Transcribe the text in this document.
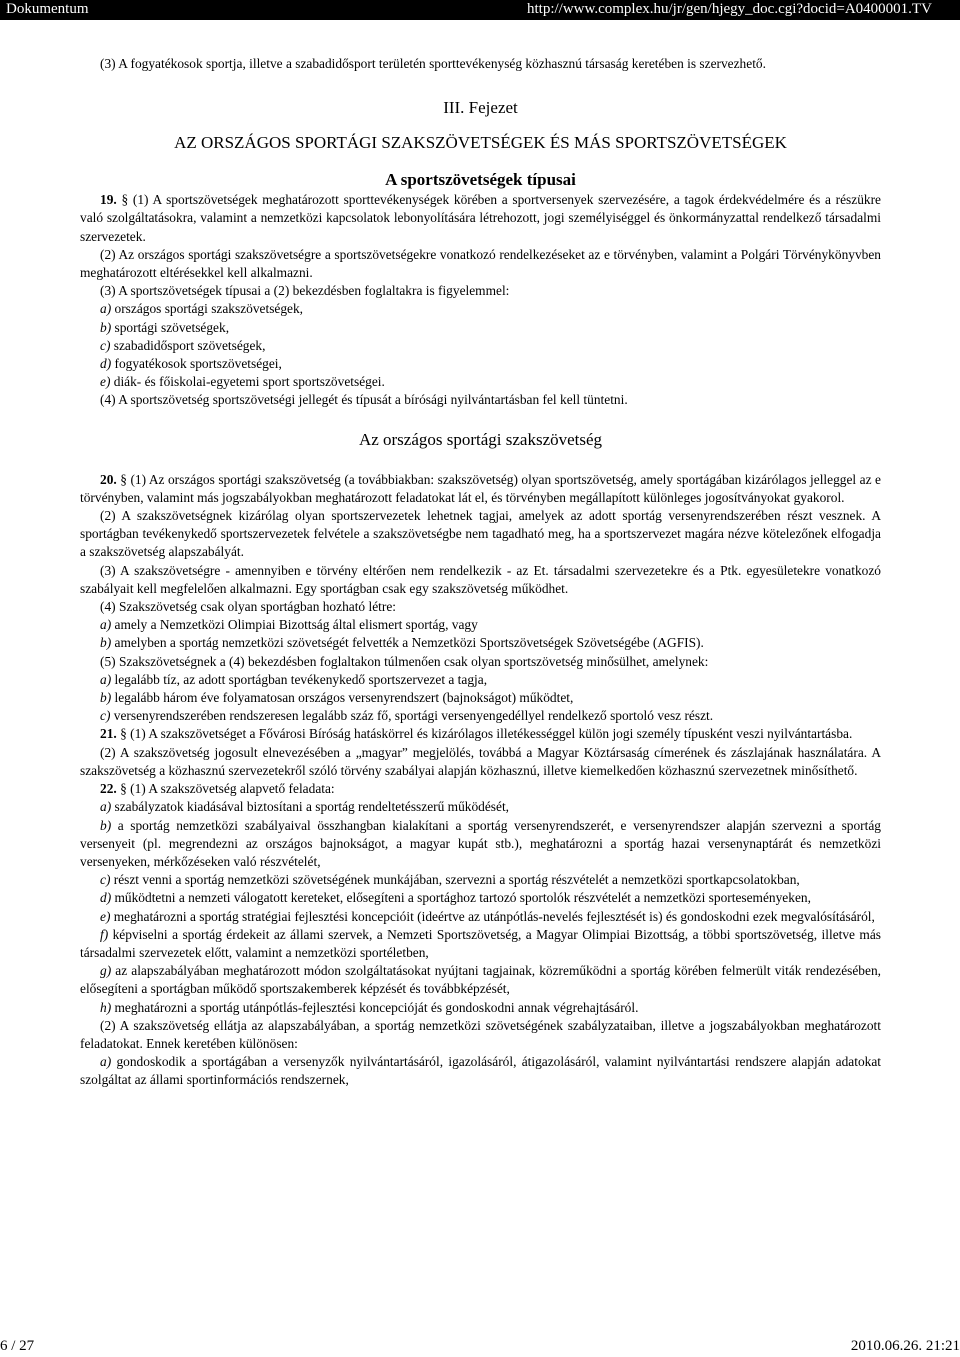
Dokumentum	http://www.complex.hu/jr/gen/hjegy_doc.cgi?docid=A0400001.TV

(3) A fogyatékosok sportja, illetve a szabadidősport területén sporttevékenység közhasznú társaság keretében is szervezhető.

III. Fejezet
AZ ORSZÁGOS SPORTÁGI SZAKSZÖVETSÉGEK ÉS MÁS SPORTSZÖVETSÉGEK
A sportszövetségek típusai

19. § (1) A sportszövetségek meghatározott sporttevékenységek körében a sportversenyek szervezésére, a tagok érdekvédelmére és a részükre való szolgáltatásokra, valamint a nemzetközi kapcsolatok lebonyolítására létrehozott, jogi személyiséggel és önkormányzattal rendelkező társadalmi szervezetek.

(2) Az országos sportági szakszövetségre a sportszövetségekre vonatkozó rendelkezéseket az e törvényben, valamint a Polgári Törvénykönyvben meghatározott eltérésekkel kell alkalmazni.

(3) A sportszövetségek típusai a (2) bekezdésben foglaltakra is figyelemmel:

a) országos sportági szakszövetségek,

b) sportági szövetségek,

c) szabadidősport szövetségek,

d) fogyatékosok sportszövetségei,

e) diák- és főiskolai-egyetemi sport sportszövetségei.

(4) A sportszövetség sportszövetségi jellegét és típusát a bírósági nyilvántartásban fel kell tüntetni.

Az országos sportági szakszövetség

20. § (1) Az országos sportági szakszövetség (a továbbiakban: szakszövetség) olyan sportszövetség, amely sportágában kizárólagos jelleggel az e törvényben, valamint más jogszabályokban meghatározott feladatokat lát el, és törvényben megállapított különleges jogosítványokat gyakorol.

(2) A szakszövetségnek kizárólag olyan sportszervezetek lehetnek tagjai, amelyek az adott sportág versenyrendszerében részt vesznek. A sportágban tevékenykedő sportszervezetek felvétele a szakszövetségbe nem tagadható meg, ha a sportszervezet magára nézve kötelezőnek elfogadja a szakszövetség alapszabályát.

(3) A szakszövetségre - amennyiben e törvény eltérően nem rendelkezik - az Et. társadalmi szervezetekre és a Ptk. egyesületekre vonatkozó szabályait kell megfelelően alkalmazni. Egy sportágban csak egy szakszövetség működhet.

(4) Szakszövetség csak olyan sportágban hozható létre:

a) amely a Nemzetközi Olimpiai Bizottság által elismert sportág, vagy

b) amelyben a sportág nemzetközi szövetségét felvették a Nemzetközi Sportszövetségek Szövetségébe (AGFIS).

(5) Szakszövetségnek a (4) bekezdésben foglaltakon túlmenően csak olyan sportszövetség minősülhet, amelynek:

a) legalább tíz, az adott sportágban tevékenykedő sportszervezet a tagja,

b) legalább három éve folyamatosan országos versenyrendszert (bajnokságot) működtet,

c) versenyrendszerében rendszeresen legalább száz fő, sportági versenyengedéllyel rendelkező sportoló vesz részt.

21. § (1) A szakszövetséget a Fővárosi Bíróság hatáskörrel és kizárólagos illetékességgel külön jogi személy típusként veszi nyilvántartásba.

(2) A szakszövetség jogosult elnevezésében a „magyar” megjelölés, továbbá a Magyar Köztársaság címerének és zászlajának használatára. A szakszövetség a közhasznú szervezetekről szóló törvény szabályai alapján közhasznú, illetve kiemelkedően közhasznú szervezetnek minősíthető.

22. § (1) A szakszövetség alapvető feladata:

a) szabályzatok kiadásával biztosítani a sportág rendeltetésszerű működését,

b) a sportág nemzetközi szabályaival összhangban kialakítani a sportág versenyrendszerét, e versenyrendszer alapján szervezni a sportág versenyeit (pl. megrendezni az országos bajnokságot, a magyar kupát stb.), meghatározni a sportág hazai versenynaptárát és nemzetközi versenyeken, mérkőzéseken való részvételét,

c) részt venni a sportág nemzetközi szövetségének munkájában, szervezni a sportág részvételét a nemzetközi sportkapcsolatokban,

d) működtetni a nemzeti válogatott kereteket, elősegíteni a sportághoz tartozó sportolók részvételét a nemzetközi sporteseményeken,

e) meghatározni a sportág stratégiai fejlesztési koncepcióit (ideértve az utánpótlás-nevelés fejlesztését is) és gondoskodni ezek megvalósításáról,

f) képviselni a sportág érdekeit az állami szervek, a Nemzeti Sportszövetség, a Magyar Olimpiai Bizottság, a többi sportszövetség, illetve más társadalmi szervezetek előtt, valamint a nemzetközi sportéletben,

g) az alapszabályában meghatározott módon szolgáltatásokat nyújtani tagjainak, közreműködni a sportág körében felmerült viták rendezésében, elősegíteni a sportágban működő sportszakemberek képzését és továbbképzését,

h) meghatározni a sportág utánpótlás-fejlesztési koncepcióját és gondoskodni annak végrehajtásáról.

(2) A szakszövetség ellátja az alapszabályában, a sportág nemzetközi szövetségének szabályzataiban, illetve a jogszabályokban meghatározott feladatokat. Ennek keretében különösen:

a) gondoskodik a sportágában a versenyzők nyilvántartásáról, igazolásáról, átigazolásáról, valamint nyilvántartási rendszere alapján adatokat szolgáltat az állami sportinformációs rendszernek,

6 / 27	2010.06.26. 21:21
